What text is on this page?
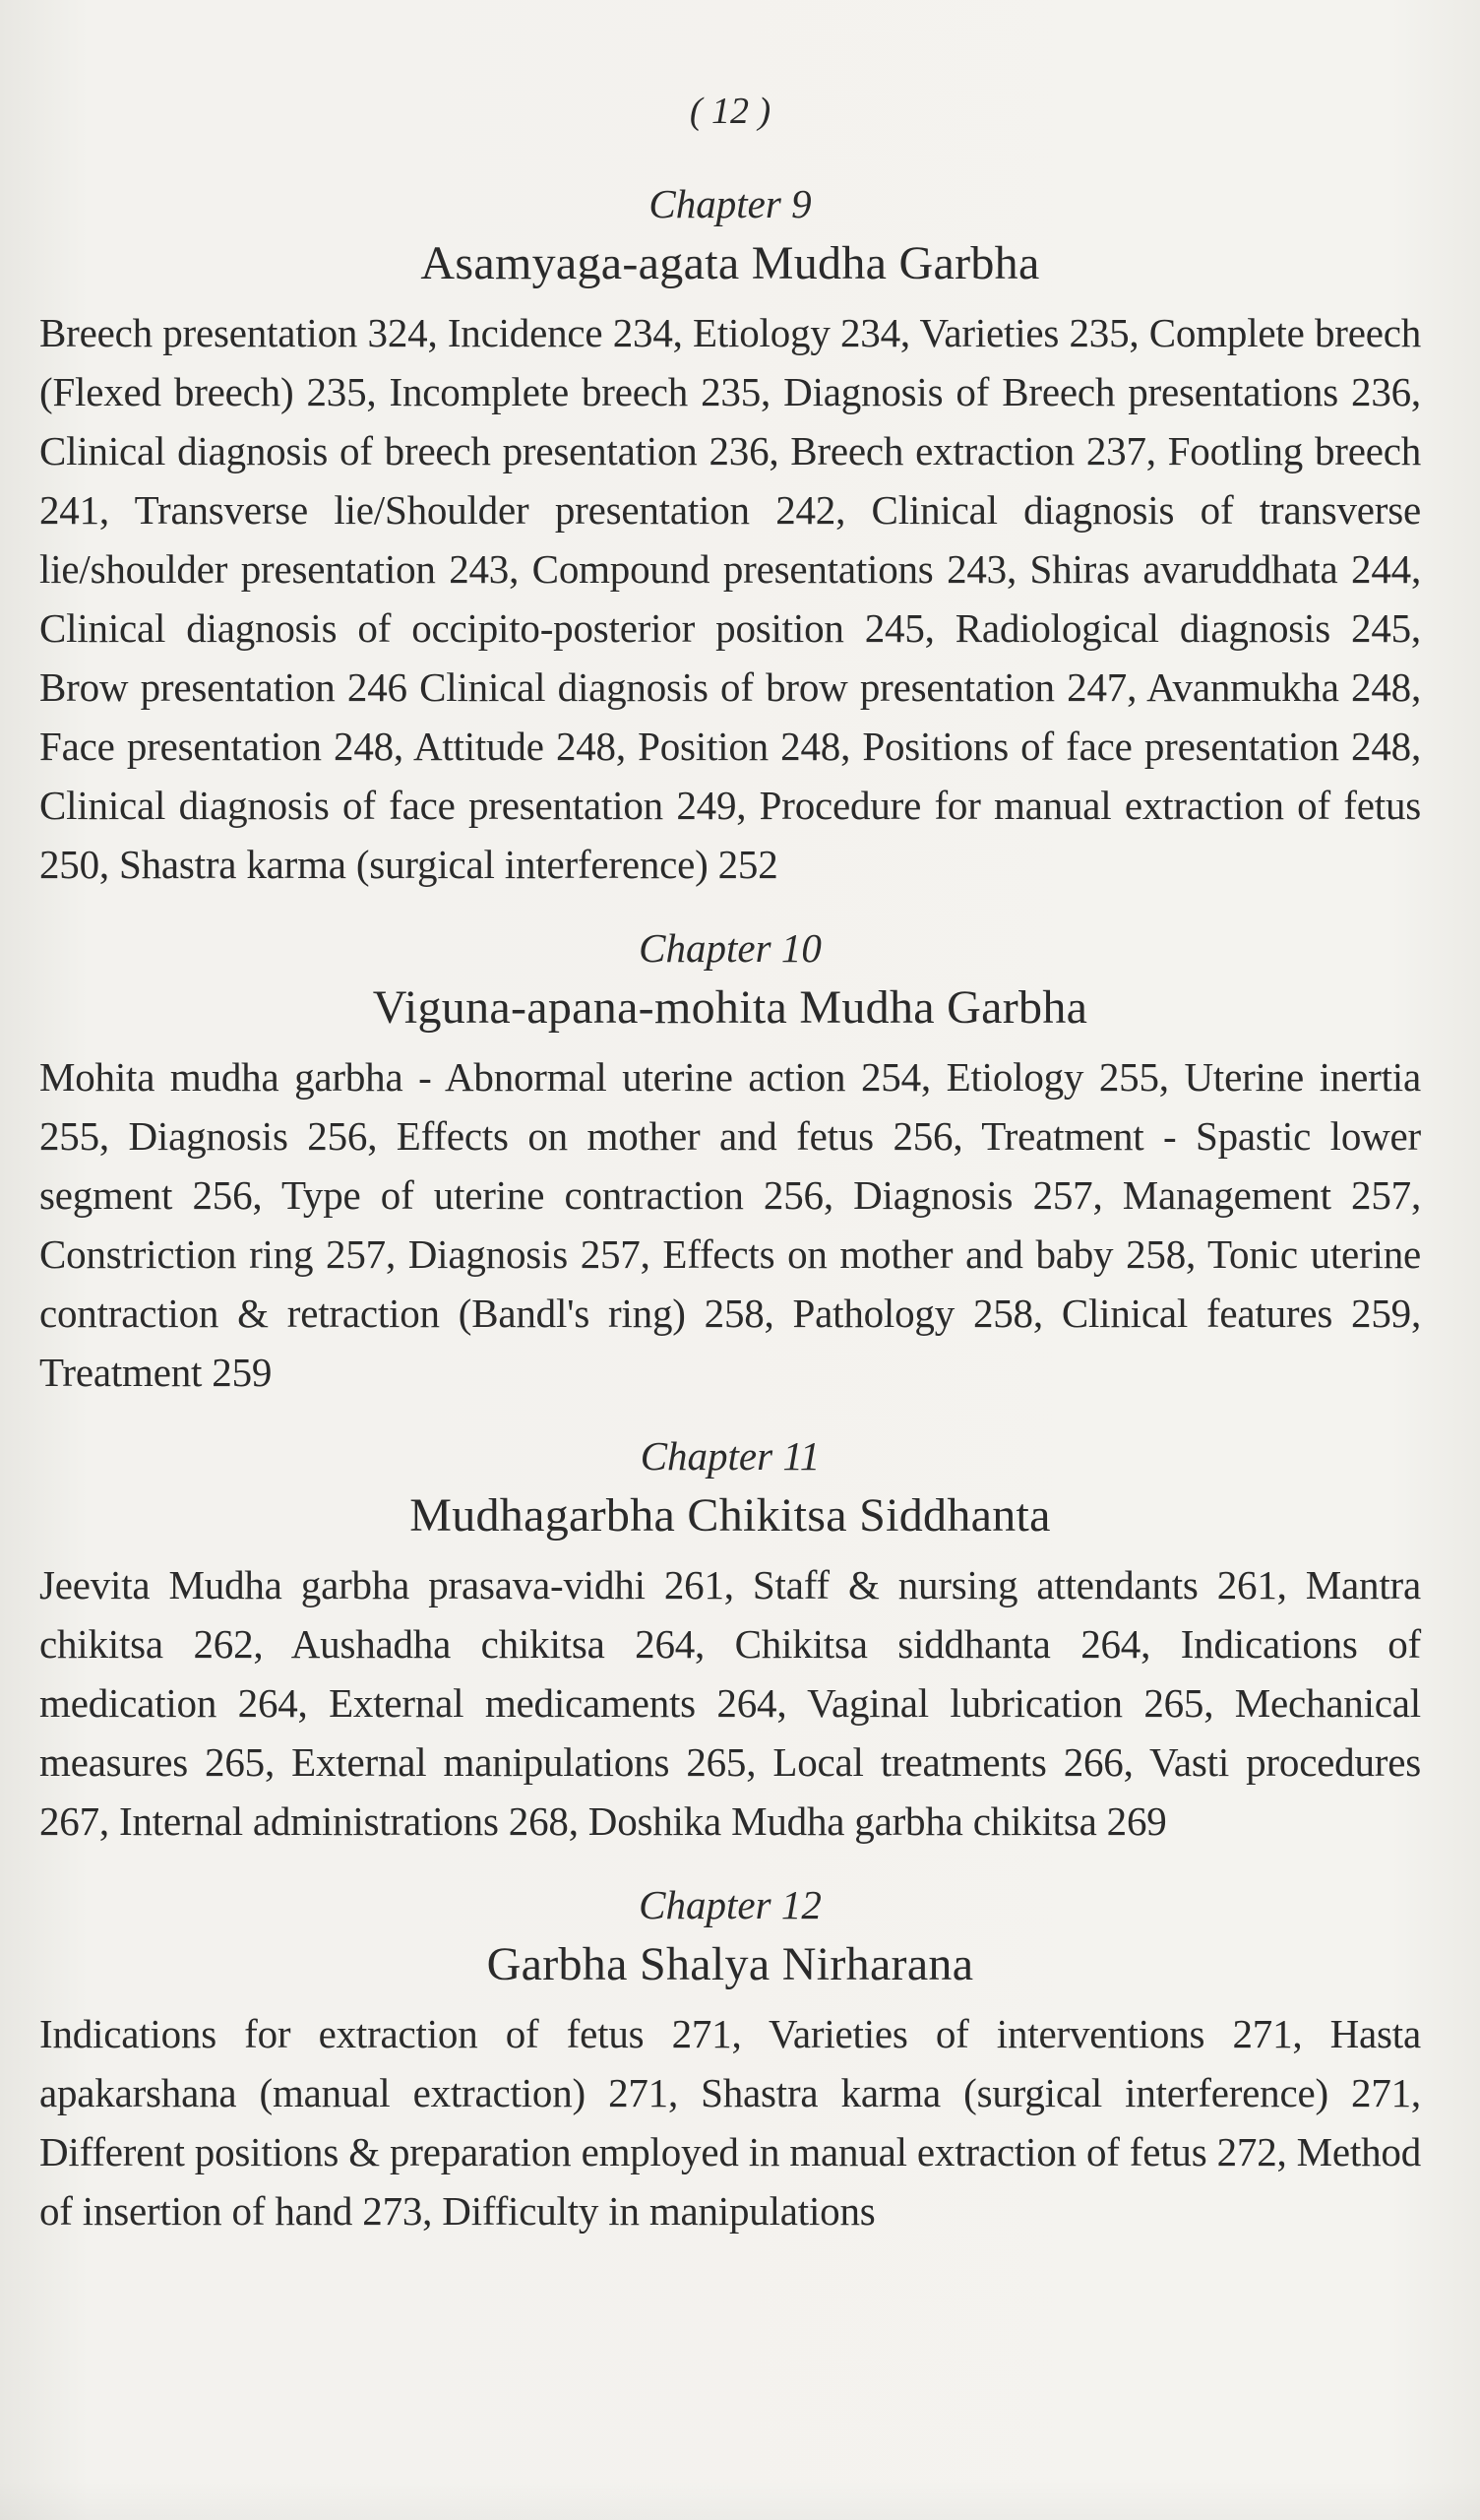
( 12 )
Chapter 9
Asamyaga-agata Mudha Garbha

Breech presentation 324, Incidence 234, Etiology 234, Varieties 235, Complete breech (Flexed breech) 235, Incomplete breech 235, Diagnosis of Breech presentations 236, Clinical diagnosis of breech presentation 236, Breech extraction 237, Footling breech 241, Transverse lie/Shoulder presentation 242, Clinical diagnosis of transverse lie/shoulder presentation 243, Compound presentations 243, Shiras avaruddhata 244, Clinical diagnosis of occipito-posterior position 245, Radiological diagnosis 245, Brow presentation 246 Clinical diagnosis of brow presentation 247, Avanmukha 248, Face presentation 248, Attitude 248, Position 248, Positions of face presentation 248, Clinical diagnosis of face presentation 249, Procedure for manual extraction of fetus 250, Shastra karma (surgical interference) 252

Chapter 10
Viguna-apana-mohita Mudha Garbha

Mohita mudha garbha - Abnormal uterine action 254, Etiology 255, Uterine inertia 255, Diagnosis 256, Effects on mother and fetus 256, Treatment - Spastic lower segment 256, Type of uterine contraction 256, Diagnosis 257, Management 257, Constriction ring 257, Diagnosis 257, Effects on mother and baby 258, Tonic uterine contraction & retraction (Bandl's ring) 258, Pathology 258, Clinical features 259, Treatment 259

Chapter 11
Mudhagarbha Chikitsa Siddhanta

Jeevita Mudha garbha prasava-vidhi 261, Staff & nursing attendants 261, Mantra chikitsa 262, Aushadha chikitsa 264, Chikitsa siddhanta 264, Indications of medication 264, External medicaments 264, Vaginal lubrication 265, Mechanical measures 265, External manipulations 265, Local treatments 266, Vasti procedures 267, Internal administrations 268, Doshika Mudha garbha chikitsa 269

Chapter 12
Garbha Shalya Nirharana

Indications for extraction of fetus 271, Varieties of interventions 271, Hasta apakarshana (manual extraction) 271, Shastra karma (surgical interference) 271, Different positions & preparation employed in manual extraction of fetus 272, Method of insertion of hand 273, Difficulty in manipulations
